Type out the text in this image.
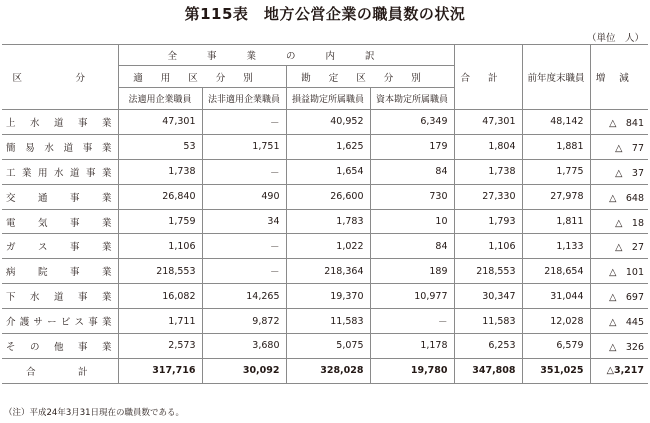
第115表　地方公営企業の職員数の状況
（単位　人）
区　分	全事業の内訳				合計	前年度末職員	増減
	適用区分別		勘定区分別				
	法適用企業職員	法非適用企業職員	損益勘定所属職員	資本勘定所属職員			
上水道事業	47,301	－	40,952	6,349	47,301	48,142	△　841
簡易水道事業	53	1,751	1,625	179	1,804	1,881	△　77
工業用水道事業	1,738	－	1,654	84	1,738	1,775	△　37
交通事業	26,840	490	26,600	730	27,330	27,978	△　648
電気事業	1,759	34	1,783	10	1,793	1,811	△　18
ガス事業	1,106	－	1,022	84	1,106	1,133	△　27
病院事業	218,553	－	218,364	189	218,553	218,654	△　101
下水道事業	16,082	14,265	19,370	10,977	30,347	31,044	△　697
介護サービス事業	1,711	9,872	11,583	－	11,583	12,028	△　445
その他事業	2,573	3,680	5,075	1,178	6,253	6,579	△　326
合計	317,716	30,092	328,028	19,780	347,808	351,025	△3,217
（注）平成24年3月31日現在の職員数である。
